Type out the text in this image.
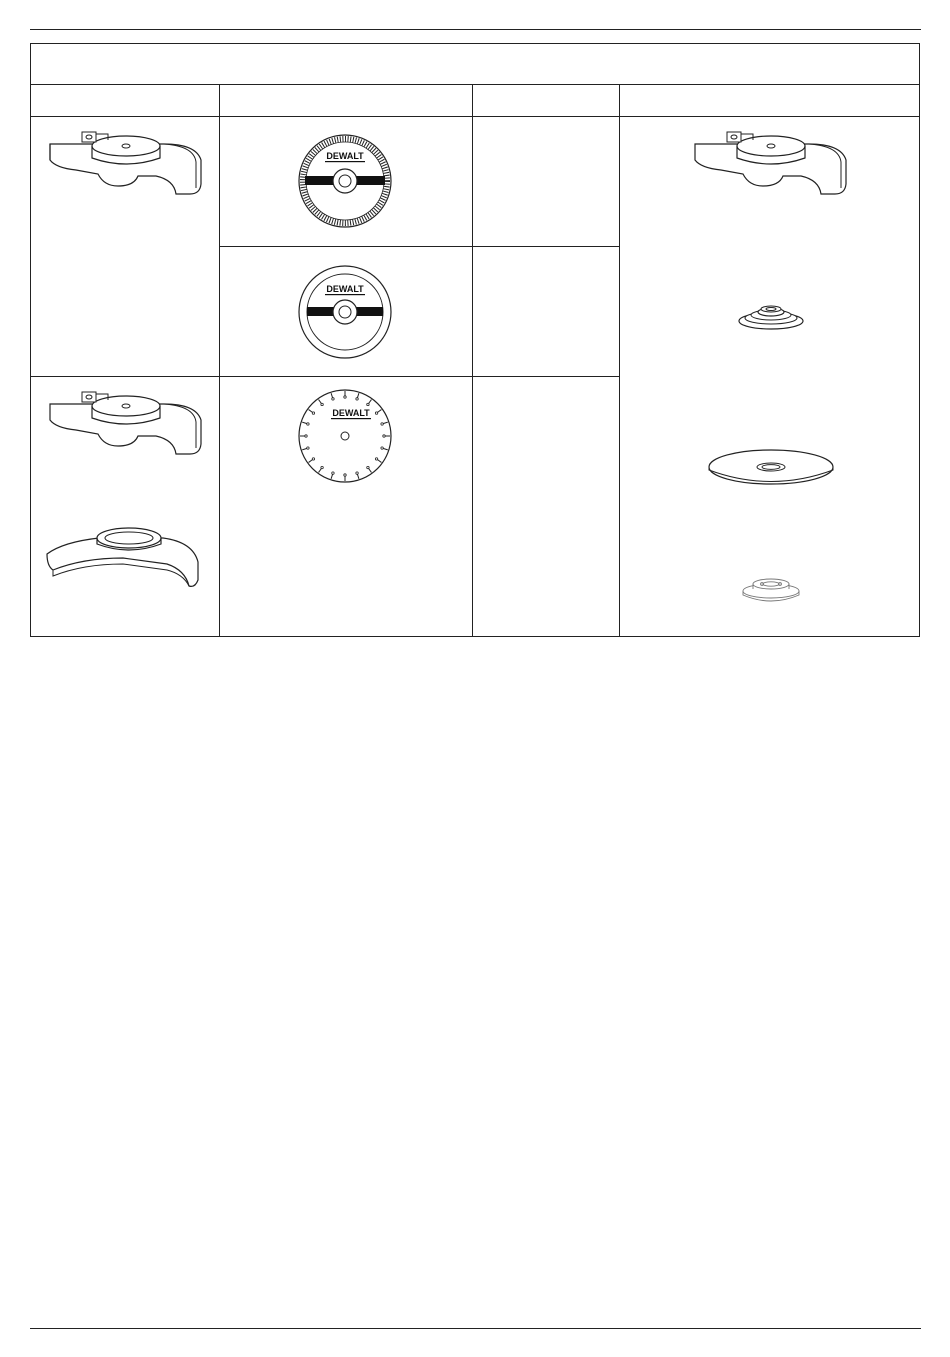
DEWALT
DEWALT
DEWALT
